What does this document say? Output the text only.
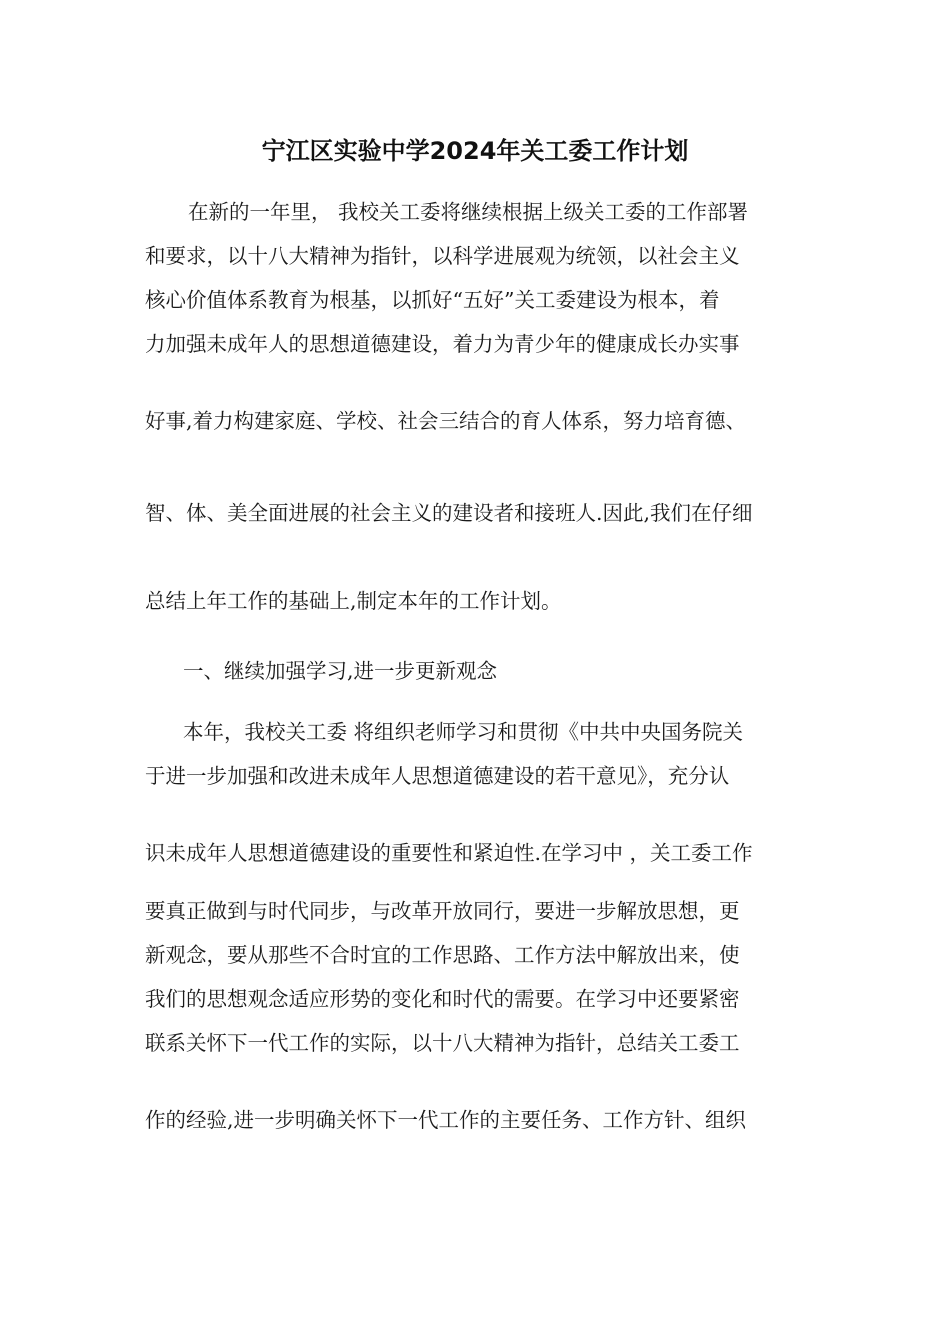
宁江区实验中学2024年关工委工作计划
在新的一年里， 我校关工委将继续根据上级关工委的工作部署
和要求，以十八大精神为指针，以科学进展观为统领，以社会主义
核心价值体系教育为根基，以抓好“五好”关工委建设为根本，着
力加强未成年人的思想道德建设，着力为青少年的健康成长办实事
好事,着力构建家庭、学校、社会三结合的育人体系，努力培育德、
智、体、美全面进展的社会主义的建设者和接班人.因此,我们在仔细
总结上年工作的基础上,制定本年的工作计划。
一、继续加强学习,进一步更新观念
本年，我校关工委 将组织老师学习和贯彻《中共中央国务院关
于进一步加强和改进未成年人思想道德建设的若干意见》，充分认
识未成年人思想道德建设的重要性和紧迫性.在学习中 ，关工委工作
要真正做到与时代同步，与改革开放同行，要进一步解放思想，更
新观念，要从那些不合时宜的工作思路、工作方法中解放出来，使
我们的思想观念适应形势的变化和时代的需要。在学习中还要紧密
联系关怀下一代工作的实际，以十八大精神为指针，总结关工委工
作的经验,进一步明确关怀下一代工作的主要任务、工作方针、组织
